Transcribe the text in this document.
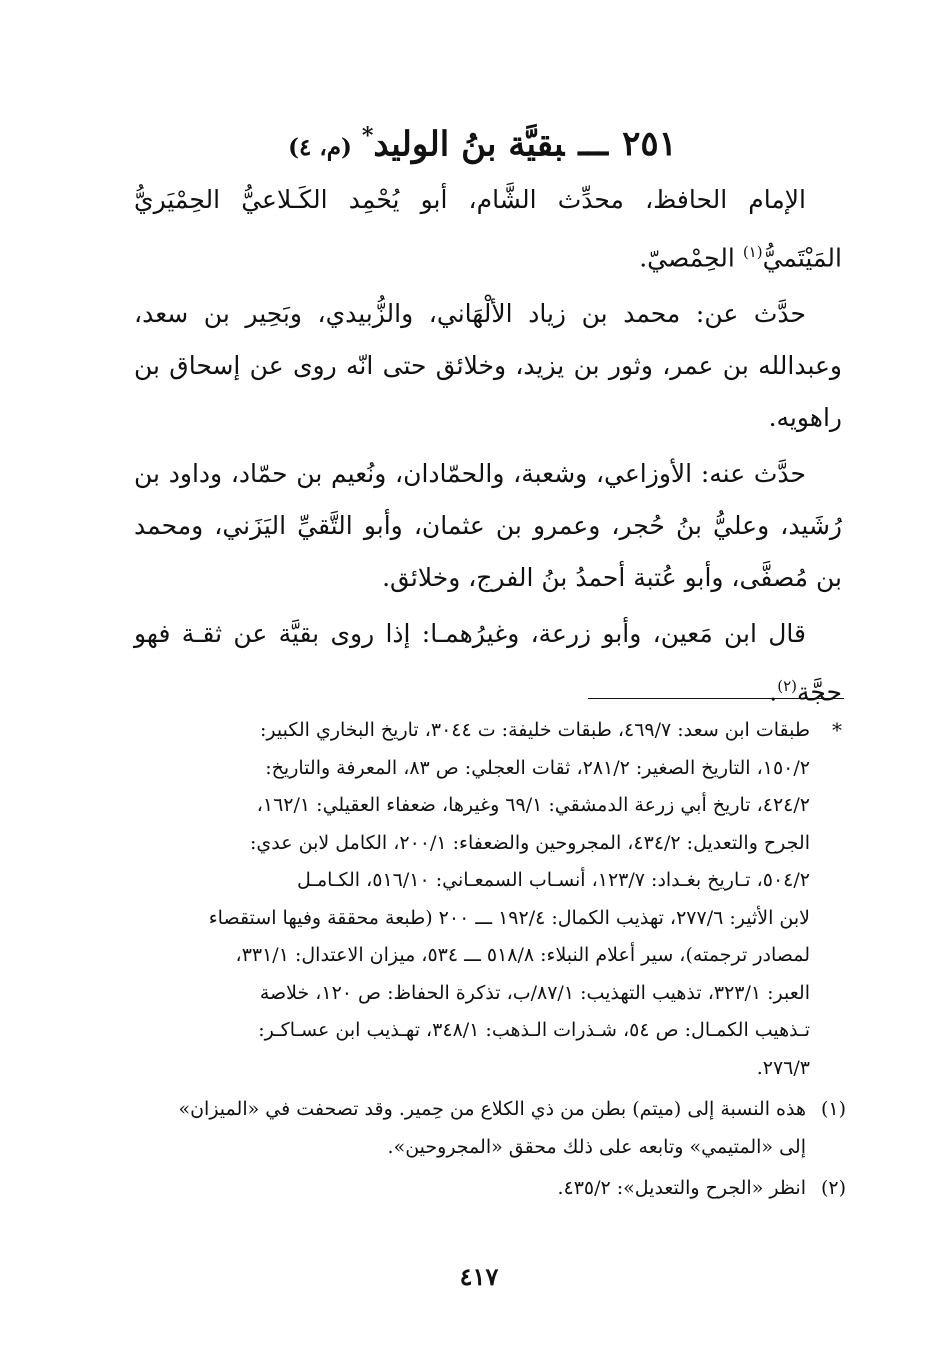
٢٥١ـــبقيَّة بنُ الوليد*(م، ٤)

الإمام الحافظ، محدِّث الشَّام، أبو يُحْمِد الكَـلاعيُّ الحِمْيَريُّ المَيْتَميُّ$^{(١)}$ الحِمْصيّ.

حدَّث عن: محمد بن زياد الألْهَاني، والزُّبيدي، وبَحِير بن سعد، وعبدالله بن عمر، وثور بن يزيد، وخلائق حتى انّه روى عن إسحاق بن راهويه.

حدَّث عنه: الأوزاعي، وشعبة، والحمّادان، ونُعيم بن حمّاد، وداود بن رُشَيد، وعليُّ بنُ حُجر، وعمرو بن عثمان، وأبو التَّقيِّ اليَزَني، ومحمد بن مُصفَّى، وأبو عُتبة أحمدُ بنُ الفرج، وخلائق.

قال ابن مَعين، وأبو زرعة، وغيرُهمـا: إذا روى بقيَّة عن ثقـة فهو حجَّة$^{(٢)}$.

*
طبقات ابن سعد: ٤٦٩/٧، طبقات خليفة: ت ٣٠٤٤، تاريخ البخاري الكبير:
١٥٠/٢، التاريخ الصغير: ٢٨١/٢، ثقات العجلي: ص ٨٣، المعرفة والتاريخ:
٤٢٤/٢، تاريخ أبي زرعة الدمشقي: ٦٩/١ وغيرها، ضعفاء العقيلي: ١٦٢/١،
الجرح والتعديل: ٤٣٤/٢، المجروحين والضعفاء: ٢٠٠/١، الكامل لابن عدي:
٥٠٤/٢، تـاريخ بغـداد: ١٢٣/٧، أنسـاب السمعـاني: ٥١٦/١٠، الكـامـل
لابن الأثير: ٢٧٧/٦، تهذيب الكمال: ١٩٢/٤ ـــ ٢٠٠ (طبعة محققة وفيها استقصاء
لمصادر ترجمته)، سير أعلام النبلاء: ٥١٨/٨ ـــ ٥٣٤، ميزان الاعتدال: ٣٣١/١،
العبر: ٣٢٣/١، تذهيب التهذيب: ٨٧/١/ب، تذكرة الحفاظ: ص ١٢٠، خلاصة
تـذهيب الكمـال: ص ٥٤، شـذرات الـذهب: ٣٤٨/١، تهـذيب ابن عسـاكـر:
٢٧٦/٣.
(١)
هذه النسبة إلى (ميتم) بطن من ذي الكلاع من حِمير. وقد تصحفت في «الميزان»
إلى «المتيمي» وتابعه على ذلك محقق «المجروحين».
(٢)
انظر «الجرح والتعديل»: ٤٣٥/٢.
٤١٧
